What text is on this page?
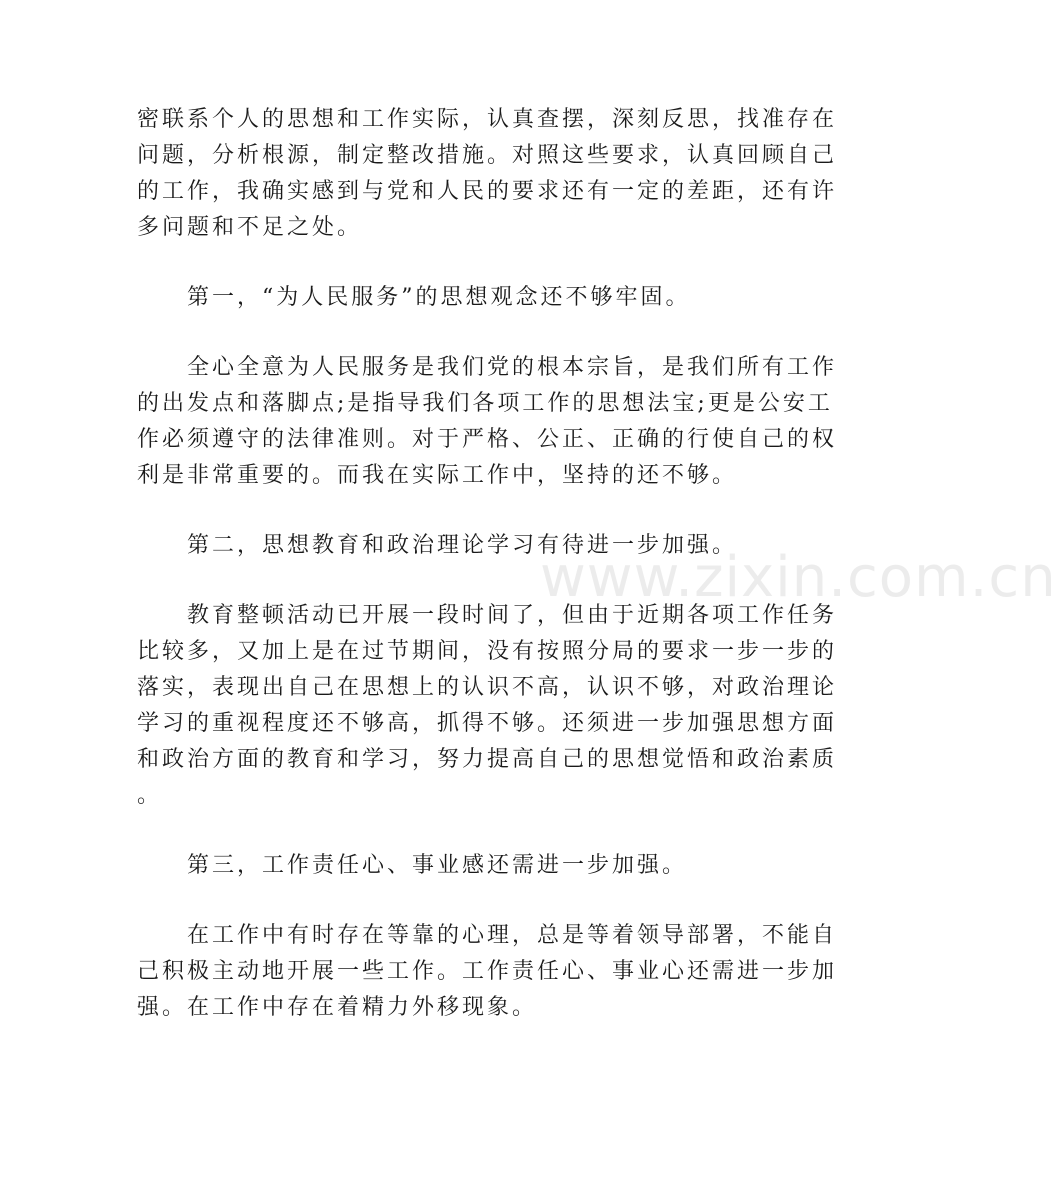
www.zixin.com.cn
密联系个人的思想和工作实际，认真查摆，深刻反思，找准存在
问题，分析根源，制定整改措施。对照这些要求，认真回顾自己
的工作，我确实感到与党和人民的要求还有一定的差距，还有许
多问题和不足之处。
　　第一，“为人民服务”的思想观念还不够牢固。
　　全心全意为人民服务是我们党的根本宗旨，是我们所有工作
的出发点和落脚点;是指导我们各项工作的思想法宝;更是公安工
作必须遵守的法律准则。对于严格、公正、正确的行使自己的权
利是非常重要的。而我在实际工作中，坚持的还不够。
　　第二，思想教育和政治理论学习有待进一步加强。
　　教育整顿活动已开展一段时间了，但由于近期各项工作任务
比较多，又加上是在过节期间，没有按照分局的要求一步一步的
落实，表现出自己在思想上的认识不高，认识不够，对政治理论
学习的重视程度还不够高，抓得不够。还须进一步加强思想方面
和政治方面的教育和学习，努力提高自己的思想觉悟和政治素质
。
　　第三，工作责任心、事业感还需进一步加强。
　　在工作中有时存在等靠的心理，总是等着领导部署，不能自
己积极主动地开展一些工作。工作责任心、事业心还需进一步加
强。在工作中存在着精力外移现象。
